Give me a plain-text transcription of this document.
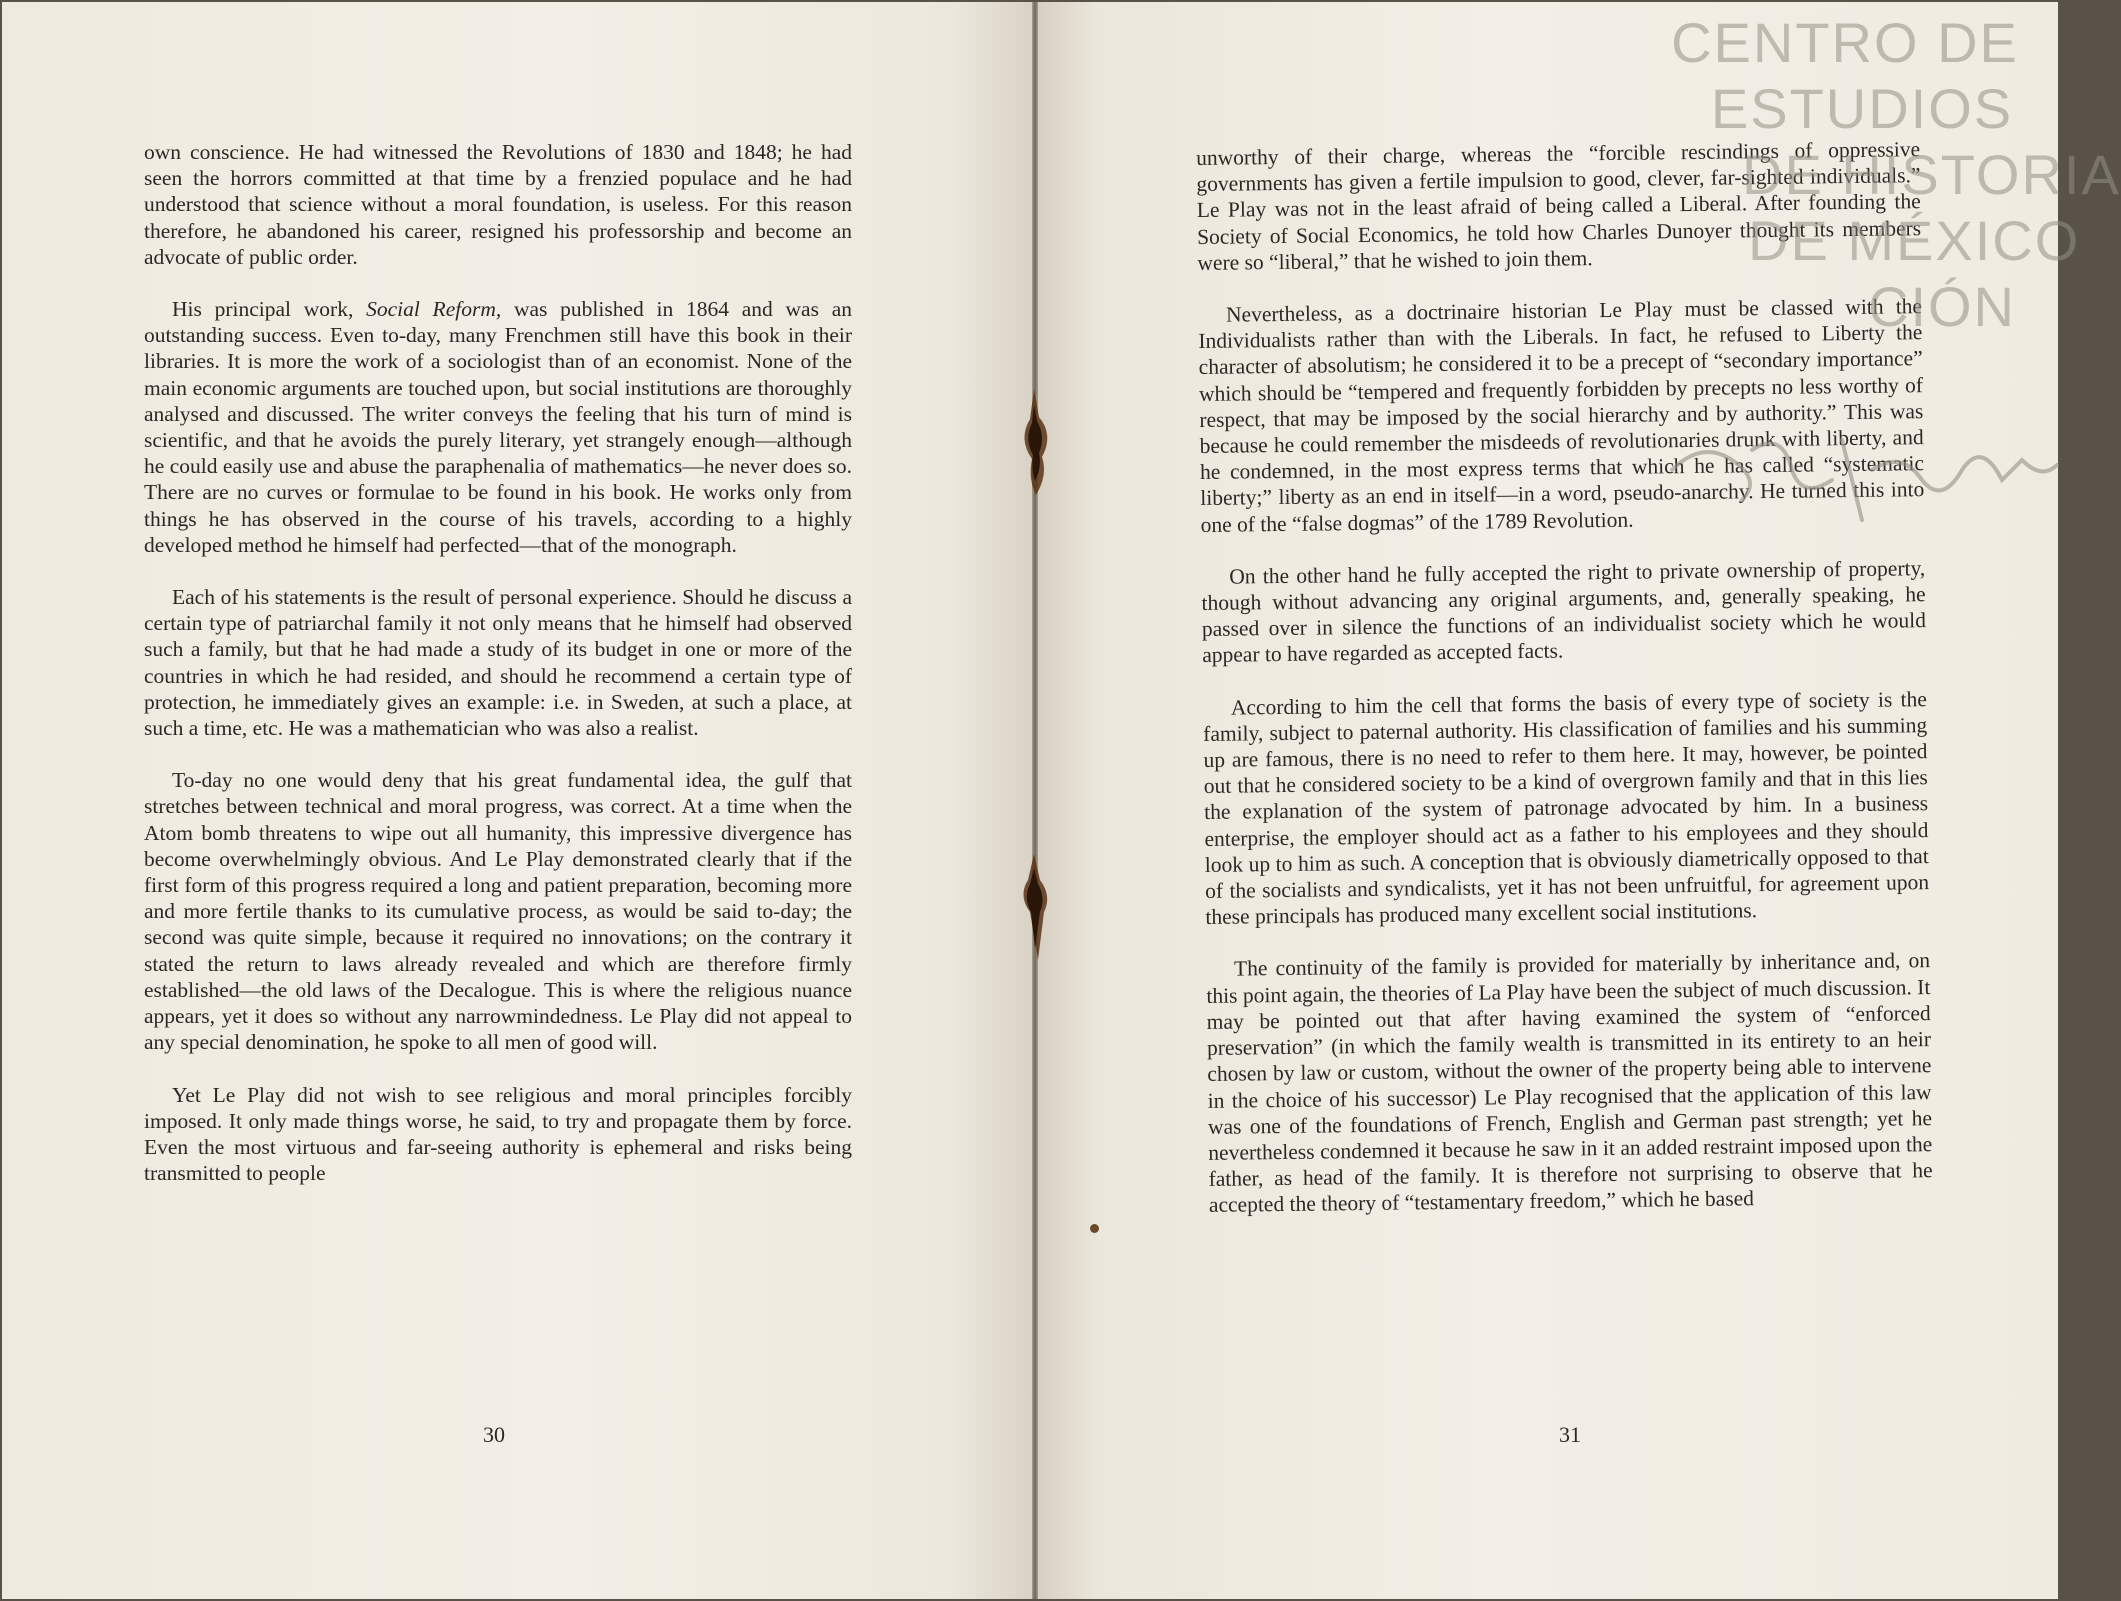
own conscience. He had witnessed the Revolutions of 1830 and 1848; he had seen the horrors committed at that time by a frenzied populace and he had understood that science without a moral foundation, is useless. For this reason therefore, he abandoned his career, resigned his professorship and become an advocate of public order.

His principal work, Social Reform, was published in 1864 and was an outstanding success. Even to-day, many Frenchmen still have this book in their libraries. It is more the work of a sociologist than of an economist. None of the main economic arguments are touched upon, but social institutions are thoroughly analysed and discussed. The writer conveys the feeling that his turn of mind is scientific, and that he avoids the purely literary, yet strangely enough—although he could easily use and abuse the paraphenalia of mathematics—he never does so. There are no curves or formulae to be found in his book. He works only from things he has observed in the course of his travels, according to a highly developed method he himself had perfected—that of the monograph.

Each of his statements is the result of personal experience. Should he discuss a certain type of patriarchal family it not only means that he himself had observed such a family, but that he had made a study of its budget in one or more of the countries in which he had resided, and should he recommend a certain type of protection, he immediately gives an example: i.e. in Sweden, at such a place, at such a time, etc. He was a mathematician who was also a realist.

To-day no one would deny that his great fundamental idea, the gulf that stretches between technical and moral progress, was correct. At a time when the Atom bomb threatens to wipe out all humanity, this impressive divergence has become overwhelmingly obvious. And Le Play demonstrated clearly that if the first form of this progress required a long and patient preparation, becoming more and more fertile thanks to its cumulative process, as would be said to-day; the second was quite simple, because it required no innovations; on the contrary it stated the return to laws already revealed and which are therefore firmly established—the old laws of the Decalogue. This is where the religious nuance appears, yet it does so without any narrowmindedness. Le Play did not appeal to any special denomination, he spoke to all men of good will.

Yet Le Play did not wish to see religious and moral principles forcibly imposed. It only made things worse, he said, to try and propagate them by force. Even the most virtuous and far-seeing authority is ephemeral and risks being transmitted to people

30

unworthy of their charge, whereas the “forcible rescindings of oppressive governments has given a fertile impulsion to good, clever, far-sighted individuals.” Le Play was not in the least afraid of being called a Liberal. After founding the Society of Social Economics, he told how Charles Dunoyer thought its members were so “liberal,” that he wished to join them.

Nevertheless, as a doctrinaire historian Le Play must be classed with the Individualists rather than with the Liberals. In fact, he refused to Liberty the character of absolutism; he considered it to be a precept of “secondary importance” which should be “tempered and frequently forbidden by precepts no less worthy of respect, that may be imposed by the social hierarchy and by authority.” This was because he could remember the misdeeds of revolutionaries drunk with liberty, and he condemned, in the most express terms that which he has called “systematic liberty;” liberty as an end in itself—in a word, pseudo-anarchy. He turned this into one of the “false dogmas” of the 1789 Revolution.

On the other hand he fully accepted the right to private ownership of property, though without advancing any original arguments, and, generally speaking, he passed over in silence the functions of an individualist society which he would appear to have regarded as accepted facts.

According to him the cell that forms the basis of every type of society is the family, subject to paternal authority. His classification of families and his summing up are famous, there is no need to refer to them here. It may, however, be pointed out that he considered society to be a kind of overgrown family and that in this lies the explanation of the system of patronage advocated by him. In a business enterprise, the employer should act as a father to his employees and they should look up to him as such. A conception that is obviously diametrically opposed to that of the socialists and syndicalists, yet it has not been unfruitful, for agreement upon these principals has produced many excellent social institutions.

The continuity of the family is provided for materially by inheritance and, on this point again, the theories of La Play have been the subject of much discussion. It may be pointed out that after having examined the system of “enforced preservation” (in which the family wealth is transmitted in its entirety to an heir chosen by law or custom, without the owner of the property being able to intervene in the choice of his successor) Le Play recognised that the application of this law was one of the foundations of French, English and German past strength; yet he nevertheless condemned it because he saw in it an added restraint imposed upon the father, as head of the family. It is therefore not surprising to observe that he accepted the theory of “testamentary freedom,” which he based

31
CENTRO DE
ESTUDIOS
DE HISTORIA
DE MÉXICO
CIÓN
